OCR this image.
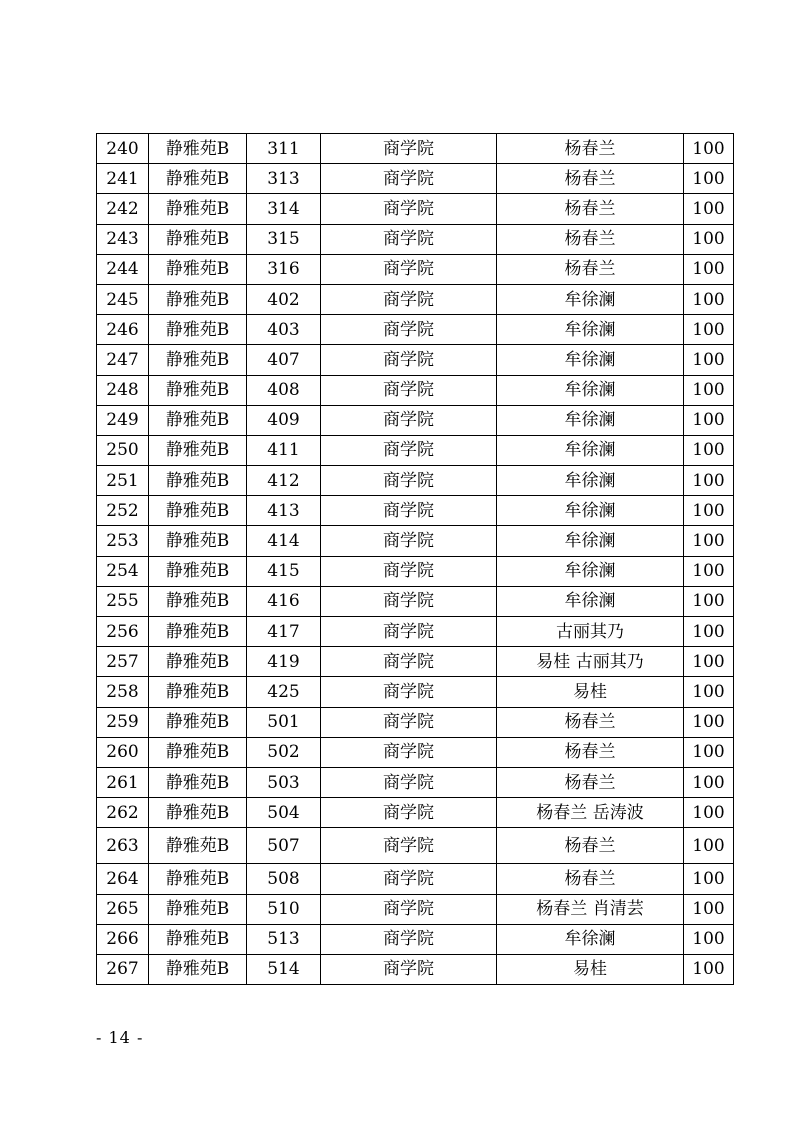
240	静雅苑B	311	商学院	杨春兰	100
241	静雅苑B	313	商学院	杨春兰	100
242	静雅苑B	314	商学院	杨春兰	100
243	静雅苑B	315	商学院	杨春兰	100
244	静雅苑B	316	商学院	杨春兰	100
245	静雅苑B	402	商学院	牟徐澜	100
246	静雅苑B	403	商学院	牟徐澜	100
247	静雅苑B	407	商学院	牟徐澜	100
248	静雅苑B	408	商学院	牟徐澜	100
249	静雅苑B	409	商学院	牟徐澜	100
250	静雅苑B	411	商学院	牟徐澜	100
251	静雅苑B	412	商学院	牟徐澜	100
252	静雅苑B	413	商学院	牟徐澜	100
253	静雅苑B	414	商学院	牟徐澜	100
254	静雅苑B	415	商学院	牟徐澜	100
255	静雅苑B	416	商学院	牟徐澜	100
256	静雅苑B	417	商学院	古丽其乃	100
257	静雅苑B	419	商学院	易桂 古丽其乃	100
258	静雅苑B	425	商学院	易桂	100
259	静雅苑B	501	商学院	杨春兰	100
260	静雅苑B	502	商学院	杨春兰	100
261	静雅苑B	503	商学院	杨春兰	100
262	静雅苑B	504	商学院	杨春兰 岳涛波	100
263	静雅苑B	507	商学院	杨春兰	100
264	静雅苑B	508	商学院	杨春兰	100
265	静雅苑B	510	商学院	杨春兰 肖清芸	100
266	静雅苑B	513	商学院	牟徐澜	100
267	静雅苑B	514	商学院	易桂	100
- 14 -
